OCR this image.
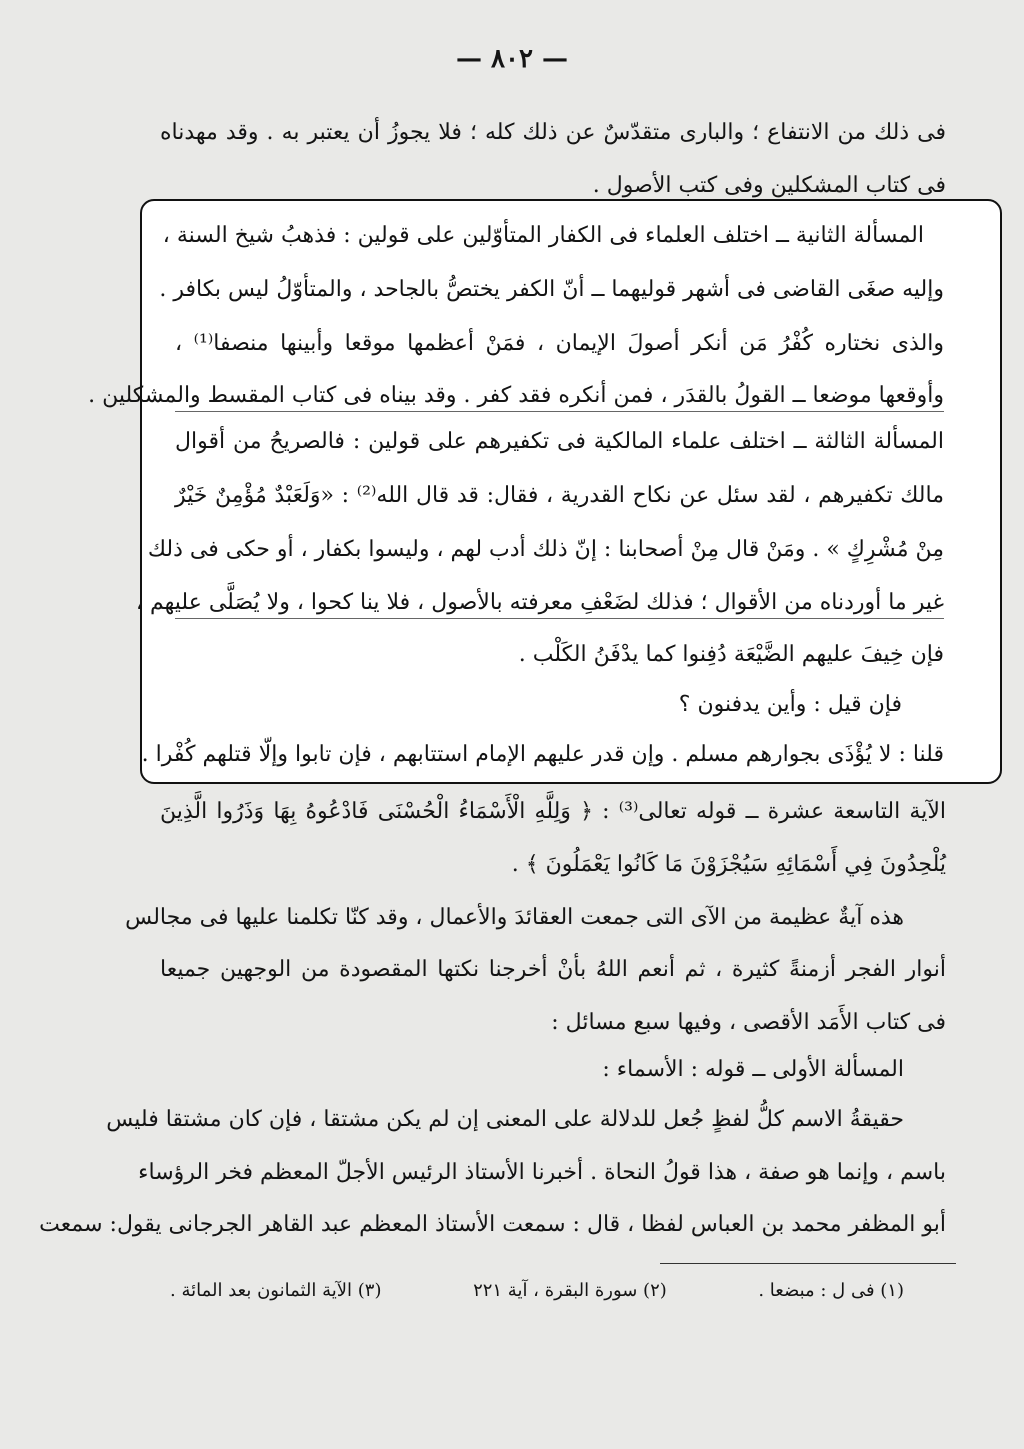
— ٨٠٢ —
فى ذلك من الانتفاع ؛ والبارى متقدّسٌ عن ذلك كله ؛ فلا يجوزُ أن يعتبر به . وقد مهدناه
فى كتاب المشكلين وفى كتب الأصول .
المسألة الثانية ــ اختلف العلماء فى الكفار المتأوّلين على قولين : فذهبُ شيخ السنة ،
وإليه صغَى القاضى فى أشهر قوليهما ــ أنّ الكفر يختصُّ بالجاحد ، والمتأوّلُ ليس بكافر .
والذى نختاره كُفْرُ مَن أنكر أصولَ الإيمان ، فمَنْ أعظمها موقعا وأبينها منصفا⁽¹⁾ ،
وأوقعها موضعا ــ القولُ بالقدَر ، فمن أنكره فقد كفر . وقد بيناه فى كتاب المقسط والمشكلين .
المسألة الثالثة ــ اختلف علماء المالكية فى تكفيرهم على قولين : فالصريحُ من أقوال
مالك تكفيرهم ، لقد سئل عن نكاح القدرية ، فقال: قد قال الله⁽²⁾ : «وَلَعَبْدٌ مُؤْمِنٌ خَيْرٌ
مِنْ مُشْرِكٍ » . ومَنْ قال مِنْ أصحابنا : إنّ ذلك أدب لهم ، وليسوا بكفار ، أو حكى فى ذلك
غير ما أوردناه من الأقوال ؛ فذلك لضَعْفِ معرفته بالأصول ، فلا ينا كحوا ، ولا يُصَلَّى عليهم ،
فإن خِيفَ عليهم الضَّيْعَة دُفِنوا كما يدْفَنُ الكَلْب .
فإن قيل : وأين يدفنون ؟
قلنا : لا يُؤْذَى بجوارهم مسلم . وإن قدر عليهم الإمام استتابهم ، فإن تابوا وإلّا قتلهم كُفْرا .
الآية التاسعة عشرة ــ قوله تعالى⁽³⁾ : ﴿ وَلِلَّهِ الْأَسْمَاءُ الْحُسْنَى فَادْعُوهُ بِهَا وَذَرُوا الَّذِينَ
يُلْحِدُونَ فِي أَسْمَائِهِ سَيُجْزَوْنَ مَا كَانُوا يَعْمَلُونَ ﴾ .
هذه آيةٌ عظيمة من الآى التى جمعت العقائدَ والأعمال ، وقد كنّا تكلمنا عليها فى مجالس
أنوار الفجر أزمنةً كثيرة ، ثم أنعم اللهُ بأنْ أخرجنا نكتها المقصودة من الوجهين جميعا
فى كتاب الأَمَد الأقصى ، وفيها سبع مسائل :
المسألة الأولى ــ قوله : الأسماء :
حقيقةُ الاسم كلُّ لفظٍ جُعل للدلالة على المعنى إن لم يكن مشتقا ، فإن كان مشتقا فليس
باسم ، وإنما هو صفة ، هذا قولُ النحاة . أخبرنا الأستاذ الرئيس الأجلّ المعظم فخر الرؤساء
أبو المظفر محمد بن العباس لفظا ، قال : سمعت الأستاذ المعظم عبد القاهر الجرجانى يقول: سمعت
(١) فى ل : مبضعا .
(٢) سورة البقرة ، آية ٢٢١
(٣) الآية الثمانون بعد المائة .
